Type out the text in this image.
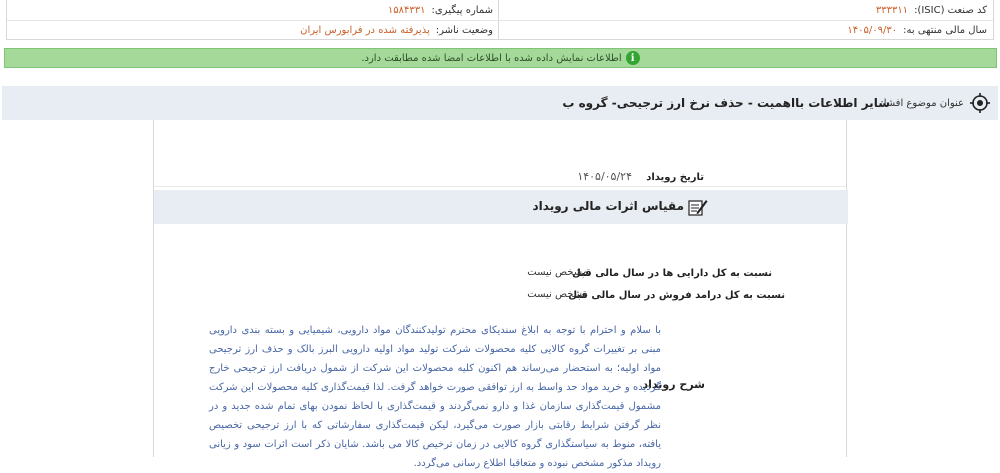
کد صنعت (ISIC):
۳۳۳۳۱۱
شماره پیگیری:
۱۵۸۴۳۳۱
سال مالی منتهی به:
۱۴۰۵/۰۹/۳۰
وضعیت ناشر:
پذیرفته شده در فرابورس ایران
i
اطلاعات نمایش داده شده با اطلاعات امضا شده مطابقت دارد.
عنوان موضوع افشا:
سایر اطلاعات بااهمیت - حذف نرخ ارز ترجیحی- گروه ب
تاریخ رویداد
۱۴۰۵/۰۵/۲۴
مقیاس اثرات مالی رویداد
نسبت به کل دارایی ها در سال مالی قبل
مشخص نیست
نسبت به کل درامد فروش در سال مالی قبل
مشخص نیست
شرح رویداد

با سلام و احترام با توجه به ابلاغ سندیکای محترم تولیدکنندگان مواد دارویی، شیمیایی و بسته بندی دارویی مبنی بر تغییرات گروه کالایی کلیه محصولات شرکت تولید مواد اولیه دارویی البرز بالک و حذف ارز ترجیحی مواد اولیه؛ به استحضار می‌رساند هم اکنون کلیه محصولات این شرکت از شمول دریافت ارز ترجیحی خارج گردیده و خرید مواد حد واسط به ارز توافقی صورت خواهد گرفت. لذا قیمت‌گذاری کلیه محصولات این شرکت مشمول قیمت‌گذاری سازمان غذا و دارو نمی‌گردند و قیمت‌گذاری با لحاظ نمودن بهای تمام شده جدید و در نظر گرفتن شرایط رقابتی بازار صورت می‌گیرد، لیکن قیمت‌گذاری سفارشاتی که با ارز ترجیحی تخصیص یافته، منوط به سیاستگذاری گروه کالایی در زمان ترخیص کالا می باشد. شایان ذکر است اثرات سود و زیانی رویداد مذکور مشخص نبوده و متعاقبا اطلاع رسانی می‌گردد.
